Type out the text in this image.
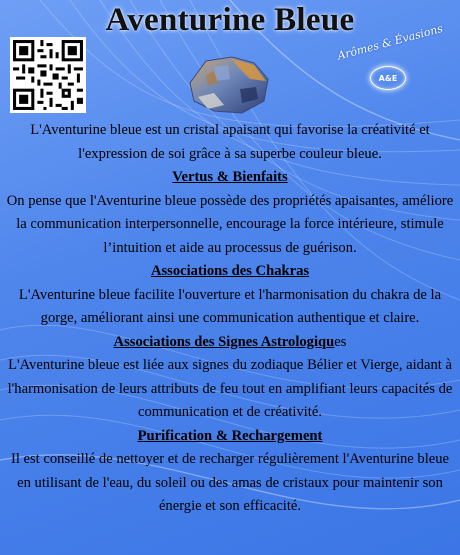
Aventurine Bleue
Arômes & Évasions
A&E

L'Aventurine bleue est un cristal apaisant qui favorise la créativité et l'expression de soi grâce à sa superbe couleur bleue.

Vertus & Bienfaits

On pense que l'Aventurine bleue possède des propriétés apaisantes, améliore la communication interpersonnelle, encourage la force intérieure, stimule l’intuition et aide au processus de guérison.

Associations des Chakras

L'Aventurine bleue facilite l'ouverture et l'harmonisation du chakra de la gorge, améliorant ainsi une communication authentique et claire.

Associations des Signes Astrologiques

L'Aventurine bleue est liée aux signes du zodiaque Bélier et Vierge, aidant à l'harmonisation de leurs attributs de feu tout en amplifiant leurs capacités de communication et de créativité.

Purification & Rechargement

Il est conseillé de nettoyer et de recharger régulièrement l'Aventurine bleue en utilisant de l'eau, du soleil ou des amas de cristaux pour maintenir son énergie et son efficacité.
